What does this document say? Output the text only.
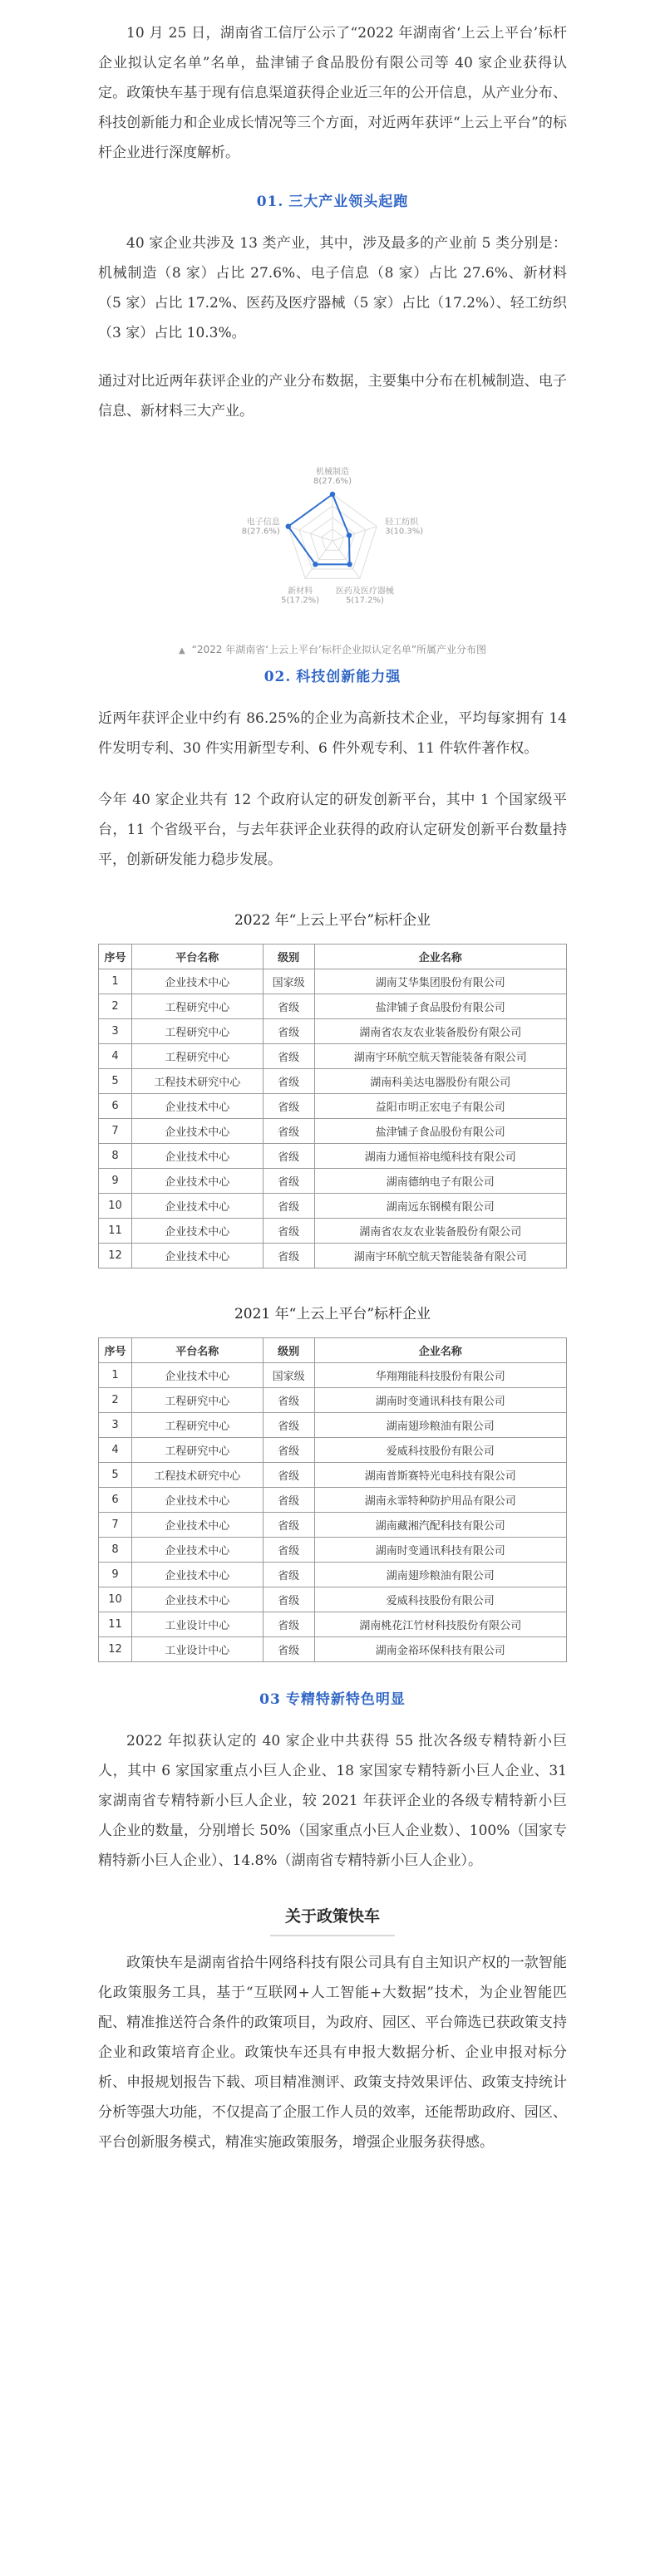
10 月 25 日，湖南省工信厅公示了“2022 年湖南省‘上云上平台’标杆企业拟认定名单”名单，盐津铺子食品股份有限公司等 40 家企业获得认定。政策快车基于现有信息渠道获得企业近三年的公开信息，从产业分布、科技创新能力和企业成长情况等三个方面，对近两年获评“上云上平台”的标杆企业进行深度解析。

01. 三大产业领头起跑

40 家企业共涉及 13 类产业，其中，涉及最多的产业前 5 类分别是：机械制造（8 家）占比 27.6%、电子信息（8 家）占比 27.6%、新材料（5 家）占比 17.2%、医药及医疗器械（5 家）占比（17.2%）、轻工纺织（3 家）占比 10.3%。

通过对比近两年获评企业的产业分布数据，主要集中分布在机械制造、电子信息、新材料三大产业。

机械制造
8(27.6%)
轻工纺织
3(10.3%)
医药及医疗器械
5(17.2%)
新材料
5(17.2%)
电子信息
8(27.6%)
▲ “2022 年湖南省‘上云上平台’标杆企业拟认定名单”所属产业分布图
02. 科技创新能力强

近两年获评企业中约有 86.25%的企业为高新技术企业，平均每家拥有 14 件发明专利、30 件实用新型专利、6 件外观专利、11 件软件著作权。

今年 40 家企业共有 12 个政府认定的研发创新平台，其中 1 个国家级平台，11 个省级平台，与去年获评企业获得的政府认定研发创新平台数量持平，创新研发能力稳步发展。

2022 年“上云上平台”标杆企业
序号	平台名称	级别	企业名称
1	企业技术中心	国家级	湖南艾华集团股份有限公司
2	工程研究中心	省级	盐津铺子食品股份有限公司
3	工程研究中心	省级	湖南省农友农业装备股份有限公司
4	工程研究中心	省级	湖南宇环航空航天智能装备有限公司
5	工程技术研究中心	省级	湖南科美达电器股份有限公司
6	企业技术中心	省级	益阳市明正宏电子有限公司
7	企业技术中心	省级	盐津铺子食品股份有限公司
8	企业技术中心	省级	湖南力通恒裕电缆科技有限公司
9	企业技术中心	省级	湖南德纳电子有限公司
10	企业技术中心	省级	湖南远东钢模有限公司
11	企业技术中心	省级	湖南省农友农业装备股份有限公司
12	企业技术中心	省级	湖南宇环航空航天智能装备有限公司
2021 年“上云上平台”标杆企业
序号	平台名称	级别	企业名称
1	企业技术中心	国家级	华翔翔能科技股份有限公司
2	工程研究中心	省级	湖南时变通讯科技有限公司
3	工程研究中心	省级	湖南翅珍粮油有限公司
4	工程研究中心	省级	爱威科技股份有限公司
5	工程技术研究中心	省级	湖南普斯赛特光电科技有限公司
6	企业技术中心	省级	湖南永霏特种防护用品有限公司
7	企业技术中心	省级	湖南藏湘汽配科技有限公司
8	企业技术中心	省级	湖南时变通讯科技有限公司
9	企业技术中心	省级	湖南翅珍粮油有限公司
10	企业技术中心	省级	爱威科技股份有限公司
11	工业设计中心	省级	湖南桃花江竹材科技股份有限公司
12	工业设计中心	省级	湖南金裕环保科技有限公司
03 专精特新特色明显

2022 年拟获认定的 40 家企业中共获得 55 批次各级专精特新小巨人，其中 6 家国家重点小巨人企业、18 家国家专精特新小巨人企业、31 家湖南省专精特新小巨人企业，较 2021 年获评企业的各级专精特新小巨人企业的数量，分别增长 50%（国家重点小巨人企业数）、100%（国家专精特新小巨人企业）、14.8%（湖南省专精特新小巨人企业）。

关于政策快车

政策快车是湖南省拾牛网络科技有限公司具有自主知识产权的一款智能化政策服务工具，基于“互联网+人工智能+大数据”技术，为企业智能匹配、精准推送符合条件的政策项目，为政府、园区、平台筛选已获政策支持企业和政策培育企业。政策快车还具有申报大数据分析、企业申报对标分析、申报规划报告下载、项目精准测评、政策支持效果评估、政策支持统计分析等强大功能，不仅提高了企服工作人员的效率，还能帮助政府、园区、平台创新服务模式，精准实施政策服务，增强企业服务获得感。
